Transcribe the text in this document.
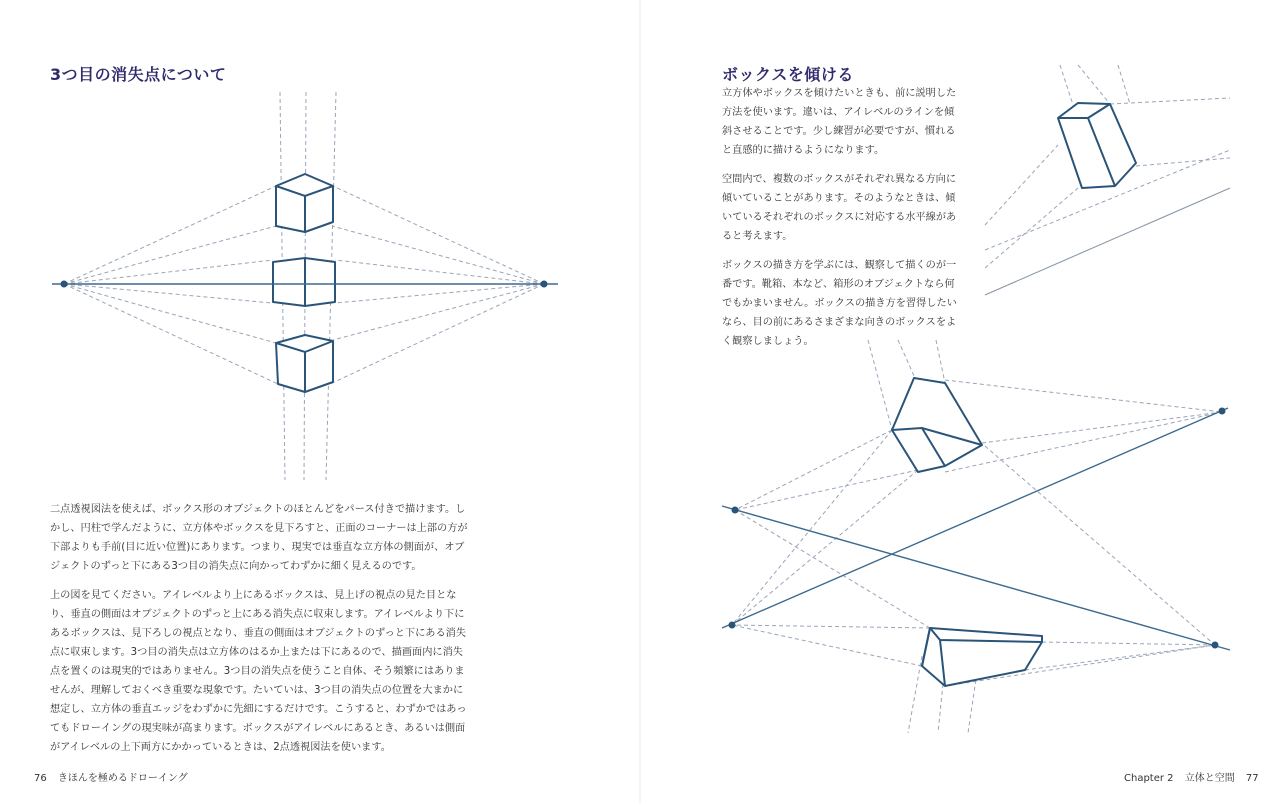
3つ目の消失点について

二点透視図法を使えば、ボックス形のオブジェクトのほとんどをパース付きで描けます。しかし、円柱で学んだように、立方体やボックスを見下ろすと、正面のコーナーは上部の方が下部よりも手前(目に近い位置)にあります。つまり、現実では垂直な立方体の側面が、オブジェクトのずっと下にある3つ目の消失点に向かってわずかに細く見えるのです。

上の図を見てください。アイレベルより上にあるボックスは、見上げの視点の見た目となり、垂直の側面はオブジェクトのずっと上にある消失点に収束します。アイレベルより下にあるボックスは、見下ろしの視点となり、垂直の側面はオブジェクトのずっと下にある消失点に収束します。3つ目の消失点は立方体のはるか上または下にあるので、描画面内に消失点を置くのは現実的ではありません。3つ目の消失点を使うこと自体、そう頻繁にはありませんが、理解しておくべき重要な現象です。たいていは、3つ目の消失点の位置を大まかに想定し、立方体の垂直エッジをわずかに先細にするだけです。こうすると、わずかではあってもドローイングの現実味が高まります。ボックスがアイレベルにあるとき、あるいは側面がアイレベルの上下両方にかかっているときは、2点透視図法を使います。

76 きほんを極めるドローイング
ボックスを傾ける

立方体やボックスを傾けたいときも、前に説明した方法を使います。違いは、アイレベルのラインを傾斜させることです。少し練習が必要ですが、慣れると直感的に描けるようになります。

空間内で、複数のボックスがそれぞれ異なる方向に傾いていることがあります。そのようなときは、傾いているそれぞれのボックスに対応する水平線があると考えます。

ボックスの描き方を学ぶには、観察して描くのが一番です。靴箱、本など、箱形のオブジェクトなら何でもかまいません。ボックスの描き方を習得したいなら、目の前にあるさまざまな向きのボックスをよく観察しましょう。

Chapter 2 立体と空間 77
